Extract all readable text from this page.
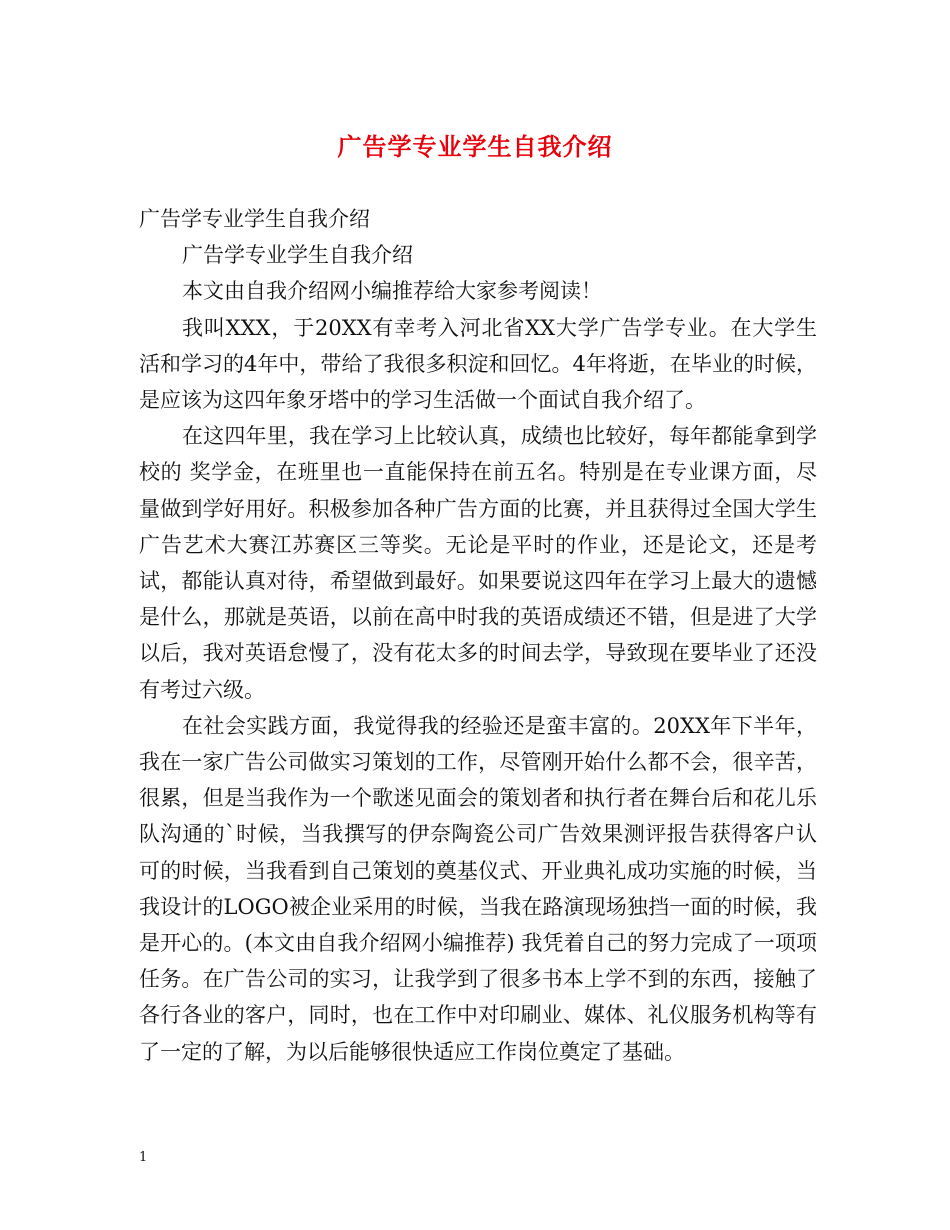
广告学专业学生自我介绍

广告学专业学生自我介绍

广告学专业学生自我介绍

本文由自我介绍网小编推荐给大家参考阅读！

我叫XXX，于20XX有幸考入河北省XX大学广告学专业。在大学生活和学习的4年中，带给了我很多积淀和回忆。4年将逝，在毕业的时候，是应该为这四年象牙塔中的学习生活做一个面试自我介绍了。

在这四年里，我在学习上比较认真，成绩也比较好，每年都能拿到学校的 奖学金，在班里也一直能保持在前五名。特别是在专业课方面，尽量做到学好用好。积极参加各种广告方面的比赛，并且获得过全国大学生广告艺术大赛江苏赛区三等奖。无论是平时的作业，还是论文，还是考试，都能认真对待，希望做到最好。如果要说这四年在学习上最大的遗憾是什么，那就是英语，以前在高中时我的英语成绩还不错，但是进了大学以后，我对英语怠慢了，没有花太多的时间去学，导致现在要毕业了还没有考过六级。

在社会实践方面，我觉得我的经验还是蛮丰富的。20XX年下半年，我在一家广告公司做实习策划的工作，尽管刚开始什么都不会，很辛苦，很累，但是当我作为一个歌迷见面会的策划者和执行者在舞台后和花儿乐队沟通的`时候，当我撰写的伊奈陶瓷公司广告效果测评报告获得客户认可的时候，当我看到自己策划的奠基仪式、开业典礼成功实施的时候，当我设计的LOGO被企业采用的时候，当我在路演现场独挡一面的时候，我是开心的。(本文由自我介绍网小编推荐) 我凭着自己的努力完成了一项项任务。在广告公司的实习，让我学到了很多书本上学不到的东西，接触了各行各业的客户，同时，也在工作中对印刷业、媒体、礼仪服务机构等有了一定的了解，为以后能够很快适应工作岗位奠定了基础。

1
